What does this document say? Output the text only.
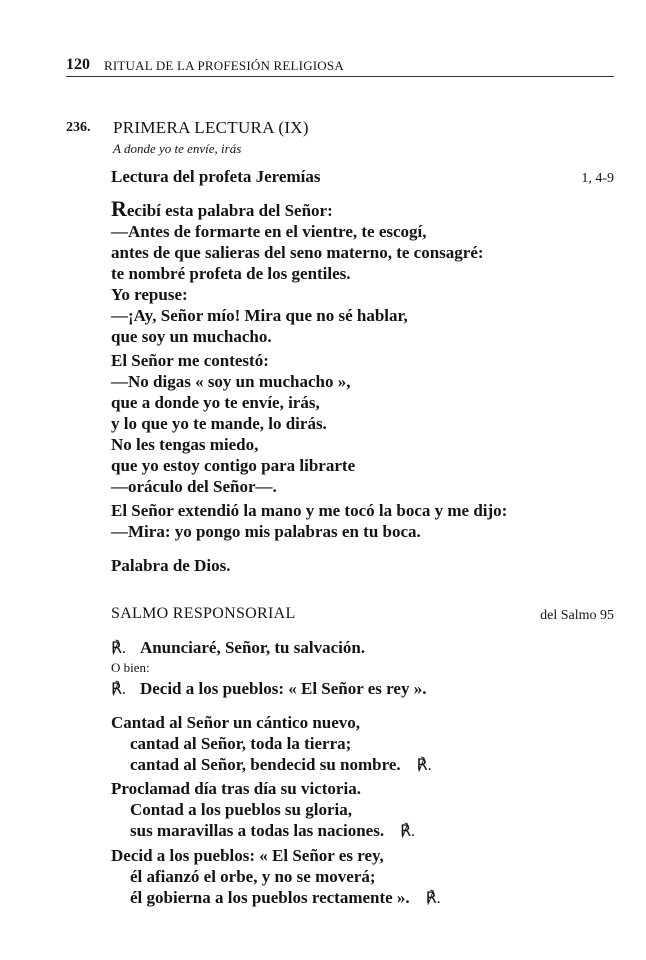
120 RITUAL DE LA PROFESIÓN RELIGIOSA
236. PRIMERA LECTURA (IX)
A donde yo te envíe, irás
Lectura del profeta Jeremías	1, 4-9
Recibí esta palabra del Señor:
—Antes de formarte en el vientre, te escogí,
antes de que salieras del seno materno, te consagré:
te nombré profeta de los gentiles.
Yo repuse:
—¡Ay, Señor mío! Mira que no sé hablar,
que soy un muchacho.
El Señor me contestó:
—No digas « soy un muchacho »,
que a donde yo te envíe, irás,
y lo que yo te mande, lo dirás.
No les tengas miedo,
que yo estoy contigo para librarte
—oráculo del Señor—.
El Señor extendió la mano y me tocó la boca y me dijo:
—Mira: yo pongo mis palabras en tu boca.
Palabra de Dios.
SALMO RESPONSORIAL	del Salmo 95
℟. Anunciaré, Señor, tu salvación.
O bien:
℟. Decid a los pueblos: « El Señor es rey ».
Cantad al Señor un cántico nuevo,
cantad al Señor, toda la tierra;
cantad al Señor, bendecid su nombre. ℟.
Proclamad día tras día su victoria.
Contad a los pueblos su gloria,
sus maravillas a todas las naciones. ℟.
Decid a los pueblos: « El Señor es rey,
él afianzó el orbe, y no se moverá;
él gobierna a los pueblos rectamente ». ℟.
